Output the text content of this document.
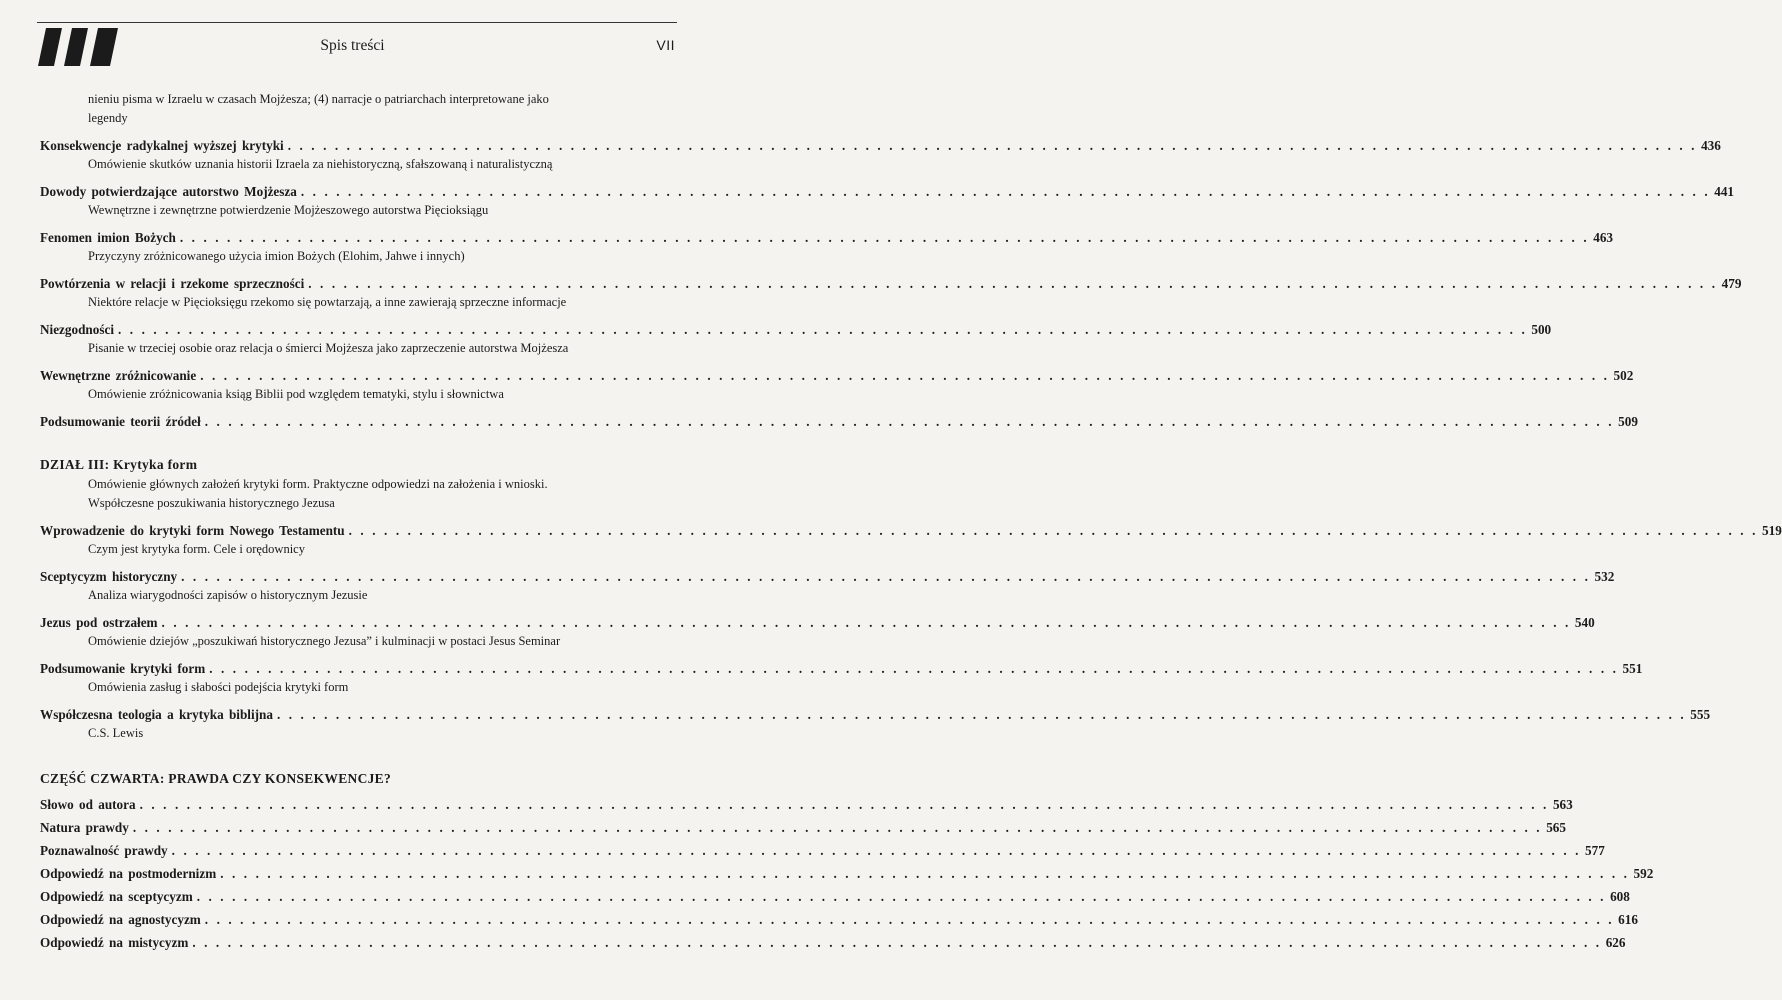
Spis treści	VII
nieniu pisma w Izraelu w czasach Mojżesza; (4) narracje o patriarchach interpretowane jako legendy
Konsekwencje radykalnej wyższej krytyki . . . . . . . . . . . . . . . . . . . . . . . . . . . . . . . . . . . . . . . . . . . . . . . . . . . . . . . . . . . . . . . . . . . . . . . . . . . . . . . . . . . . . . . . . . . . . . . . . . . . . . . . . . . . . . . . . . . . . . . . 436
Omówienie skutków uznania historii Izraela za niehistoryczną, sfałszowaną i naturalistyczną
Dowody potwierdzające autorstwo Mojżesza . . . . . . . . . . . . . . . . . . . . . . . . . . . . . . . . . . . . . . . . . . . . . . . . . . . . . . . . . . . . . . . . . . . . . . . . . . . . . . . . . . . . . . . . . . . . . . . . . . . . . . . . . . . . . . . . . . . . . . . . 441
Wewnętrzne i zewnętrzne potwierdzenie Mojżeszowego autorstwa Pięcioksiągu
Fenomen imion Bożych . . . . . . . . . . . . . . . . . . . . . . . . . . . . . . . . . . . . . . . . . . . . . . . . . . . . . . . . . . . . . . . . . . . . . . . . . . . . . . . . . . . . . . . . . . . . . . . . . . . . . . . . . . . . . . . . . . . . . . . . 463
Przyczyny zróżnicowanego użycia imion Bożych (Elohim, Jahwe i innych)
Powtórzenia w relacji i rzekome sprzeczności . . . . . . . . . . . . . . . . . . . . . . . . . . . . . . . . . . . . . . . . . . . . . . . . . . . . . . . . . . . . . . . . . . . . . . . . . . . . . . . . . . . . . . . . . . . . . . . . . . . . . . . . . . . . . . . . . . . . . . . . 479
Niektóre relacje w Pięcioksięgu rzekomo się powtarzają, a inne zawierają sprzeczne informacje
Niezgodności . . . . . . . . . . . . . . . . . . . . . . . . . . . . . . . . . . . . . . . . . . . . . . . . . . . . . . . . . . . . . . . . . . . . . . . . . . . . . . . . . . . . . . . . . . . . . . . . . . . . . . . . . . . . . . . . . . . . . . . . 500
Pisanie w trzeciej osobie oraz relacja o śmierci Mojżesza jako zaprzeczenie autorstwa Mojżesza
Wewnętrzne zróżnicowanie . . . . . . . . . . . . . . . . . . . . . . . . . . . . . . . . . . . . . . . . . . . . . . . . . . . . . . . . . . . . . . . . . . . . . . . . . . . . . . . . . . . . . . . . . . . . . . . . . . . . . . . . . . . . . . . . . . . . . . . . 502
Omówienie zróżnicowania ksiąg Biblii pod względem tematyki, stylu i słownictwa
Podsumowanie teorii źródeł . . . . . . . . . . . . . . . . . . . . . . . . . . . . . . . . . . . . . . . . . . . . . . . . . . . . . . . . . . . . . . . . . . . . . . . . . . . . . . . . . . . . . . . . . . . . . . . . . . . . . . . . . . . . . . . . . . . . . . . . 509
DZIAŁ III: Krytyka form
Omówienie głównych założeń krytyki form. Praktyczne odpowiedzi na założenia i wnioski. Współczesne poszukiwania historycznego Jezusa
Wprowadzenie do krytyki form Nowego Testamentu . . . . . . . . . . . . . . . . . . . . . . . . . . . . . . . . . . . . . . . . . . . . . . . . . . . . . . . . . . . . . . . . . . . . . . . . . . . . . . . . . . . . . . . . . . . . . . . . . . . . . . . . . . . . . . . . . . . . . . . . 519
Czym jest krytyka form. Cele i orędownicy
Sceptycyzm historyczny . . . . . . . . . . . . . . . . . . . . . . . . . . . . . . . . . . . . . . . . . . . . . . . . . . . . . . . . . . . . . . . . . . . . . . . . . . . . . . . . . . . . . . . . . . . . . . . . . . . . . . . . . . . . . . . . . . . . . . . . 532
Analiza wiarygodności zapisów o historycznym Jezusie
Jezus pod ostrzałem . . . . . . . . . . . . . . . . . . . . . . . . . . . . . . . . . . . . . . . . . . . . . . . . . . . . . . . . . . . . . . . . . . . . . . . . . . . . . . . . . . . . . . . . . . . . . . . . . . . . . . . . . . . . . . . . . . . . . . . . 540
Omówienie dziejów „poszukiwań historycznego Jezusa” i kulminacji w postaci Jesus Seminar
Podsumowanie krytyki form . . . . . . . . . . . . . . . . . . . . . . . . . . . . . . . . . . . . . . . . . . . . . . . . . . . . . . . . . . . . . . . . . . . . . . . . . . . . . . . . . . . . . . . . . . . . . . . . . . . . . . . . . . . . . . . . . . . . . . . . 551
Omówienia zasług i słabości podejścia krytyki form
Współczesna teologia a krytyka biblijna . . . . . . . . . . . . . . . . . . . . . . . . . . . . . . . . . . . . . . . . . . . . . . . . . . . . . . . . . . . . . . . . . . . . . . . . . . . . . . . . . . . . . . . . . . . . . . . . . . . . . . . . . . . . . . . . . . . . . . . . 555
C.S. Lewis
CZĘŚĆ CZWARTA: PRAWDA CZY KONSEKWENCJE?
Słowo od autora . . . . . . . . . . . . . . . . . . . . . . . . . . . . . . . . . . . . . . . . . . . . . . . . . . . . . . . . . . . . . . . . . . . . . . . . . . . . . . . . . . . . . . . . . . . . . . . . . . . . . . . . . . . . . . . . . . . . . . . . 563
Natura prawdy . . . . . . . . . . . . . . . . . . . . . . . . . . . . . . . . . . . . . . . . . . . . . . . . . . . . . . . . . . . . . . . . . . . . . . . . . . . . . . . . . . . . . . . . . . . . . . . . . . . . . . . . . . . . . . . . . . . . . . . . 565
Poznawalność prawdy . . . . . . . . . . . . . . . . . . . . . . . . . . . . . . . . . . . . . . . . . . . . . . . . . . . . . . . . . . . . . . . . . . . . . . . . . . . . . . . . . . . . . . . . . . . . . . . . . . . . . . . . . . . . . . . . . . . . . . . . 577
Odpowiedź na postmodernizm . . . . . . . . . . . . . . . . . . . . . . . . . . . . . . . . . . . . . . . . . . . . . . . . . . . . . . . . . . . . . . . . . . . . . . . . . . . . . . . . . . . . . . . . . . . . . . . . . . . . . . . . . . . . . . . . . . . . . . . . 592
Odpowiedź na sceptycyzm . . . . . . . . . . . . . . . . . . . . . . . . . . . . . . . . . . . . . . . . . . . . . . . . . . . . . . . . . . . . . . . . . . . . . . . . . . . . . . . . . . . . . . . . . . . . . . . . . . . . . . . . . . . . . . . . . . . . . . . . 608
Odpowiedź na agnostycyzm . . . . . . . . . . . . . . . . . . . . . . . . . . . . . . . . . . . . . . . . . . . . . . . . . . . . . . . . . . . . . . . . . . . . . . . . . . . . . . . . . . . . . . . . . . . . . . . . . . . . . . . . . . . . . . . . . . . . . . . . 616
Odpowiedź na mistycyzm . . . . . . . . . . . . . . . . . . . . . . . . . . . . . . . . . . . . . . . . . . . . . . . . . . . . . . . . . . . . . . . . . . . . . . . . . . . . . . . . . . . . . . . . . . . . . . . . . . . . . . . . . . . . . . . . . . . . . . . . 626
